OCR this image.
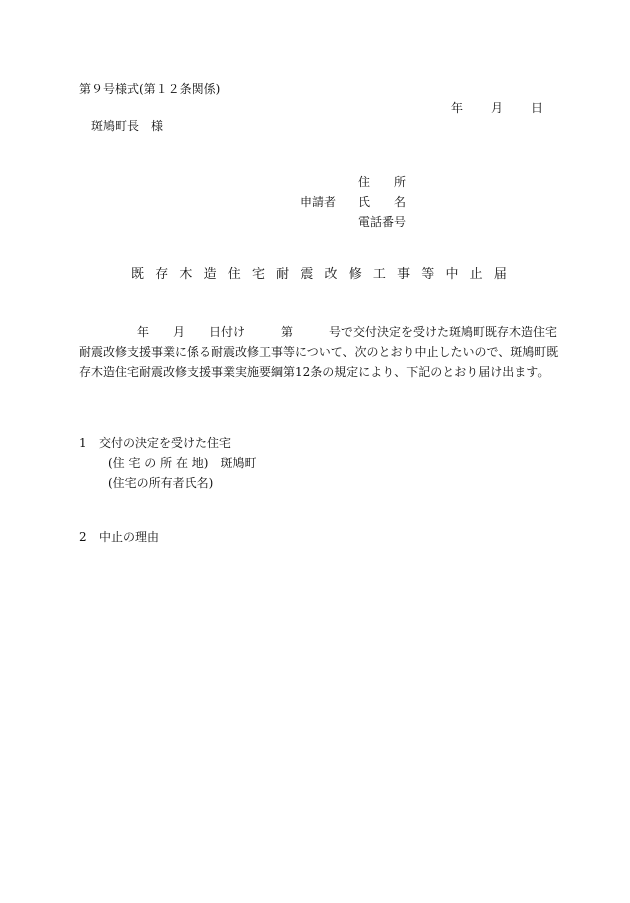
第９号様式(第１２条関係)
年 月 日
斑鳩町長　様
申請者
住　　所
氏　　名
電話番号
既 存 木 造 住 宅 耐 震 改 修 工 事 等 中 止 届
年　　月　　日付け　　　第　　　号で交付決定を受けた斑鳩町既存木造住宅
耐震改修支援事業に係る耐震改修工事等について、次のとおり中止したいので、斑鳩町既
存木造住宅耐震改修支援事業実施要綱第12条の規定により、下記のとおり届け出ます。
1 交付の決定を受けた住宅
(住 宅 の 所 在 地)　 斑鳩町
(住宅の所有者氏名)
2 中止の理由
